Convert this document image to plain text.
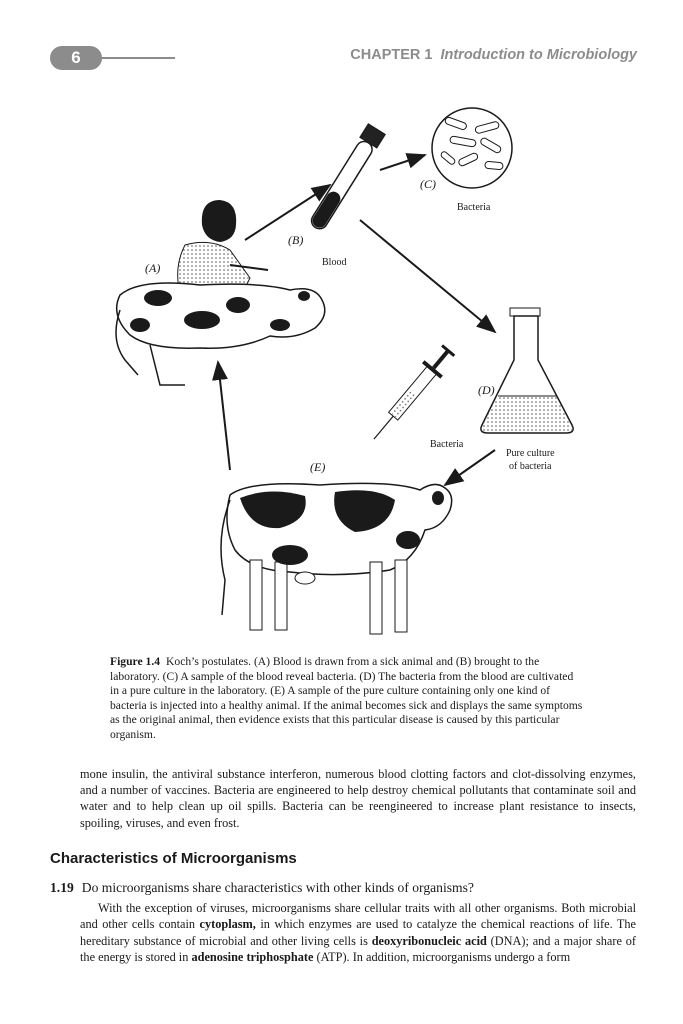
6	CHAPTER 1 Introduction to Microbiology
(A)
(B)
Blood
(C)
Bacteria
(D)
Bacteria
Pure culture
of bacteria
(E)
Figure 1.4 Koch’s postulates. (A) Blood is drawn from a sick animal and (B) brought to the laboratory. (C) A sample of the blood reveal bacteria. (D) The bacteria from the blood are cultivated in a pure culture in the laboratory. (E) A sample of the pure culture containing only one kind of bacteria is injected into a healthy animal. If the animal becomes sick and displays the same symptoms as the original animal, then evidence exists that this particular disease is caused by this particular organism.
mone insulin, the antiviral substance interferon, numerous blood clotting factors and clot-dissolving enzymes, and a number of vaccines. Bacteria are engineered to help destroy chemical pollutants that contaminate soil and water and to help clean up oil spills. Bacteria can be reengineered to increase plant resistance to insects, spoiling, viruses, and even frost.
Characteristics of Microorganisms
1.19 Do microorganisms share characteristics with other kinds of organisms?
With the exception of viruses, microorganisms share cellular traits with all other organisms. Both microbial and other cells contain cytoplasm, in which enzymes are used to catalyze the chemical reactions of life. The hereditary substance of microbial and other living cells is deoxyribonucleic acid (DNA); and a major share of the energy is stored in adenosine triphosphate (ATP). In addition, microorganisms undergo a form
